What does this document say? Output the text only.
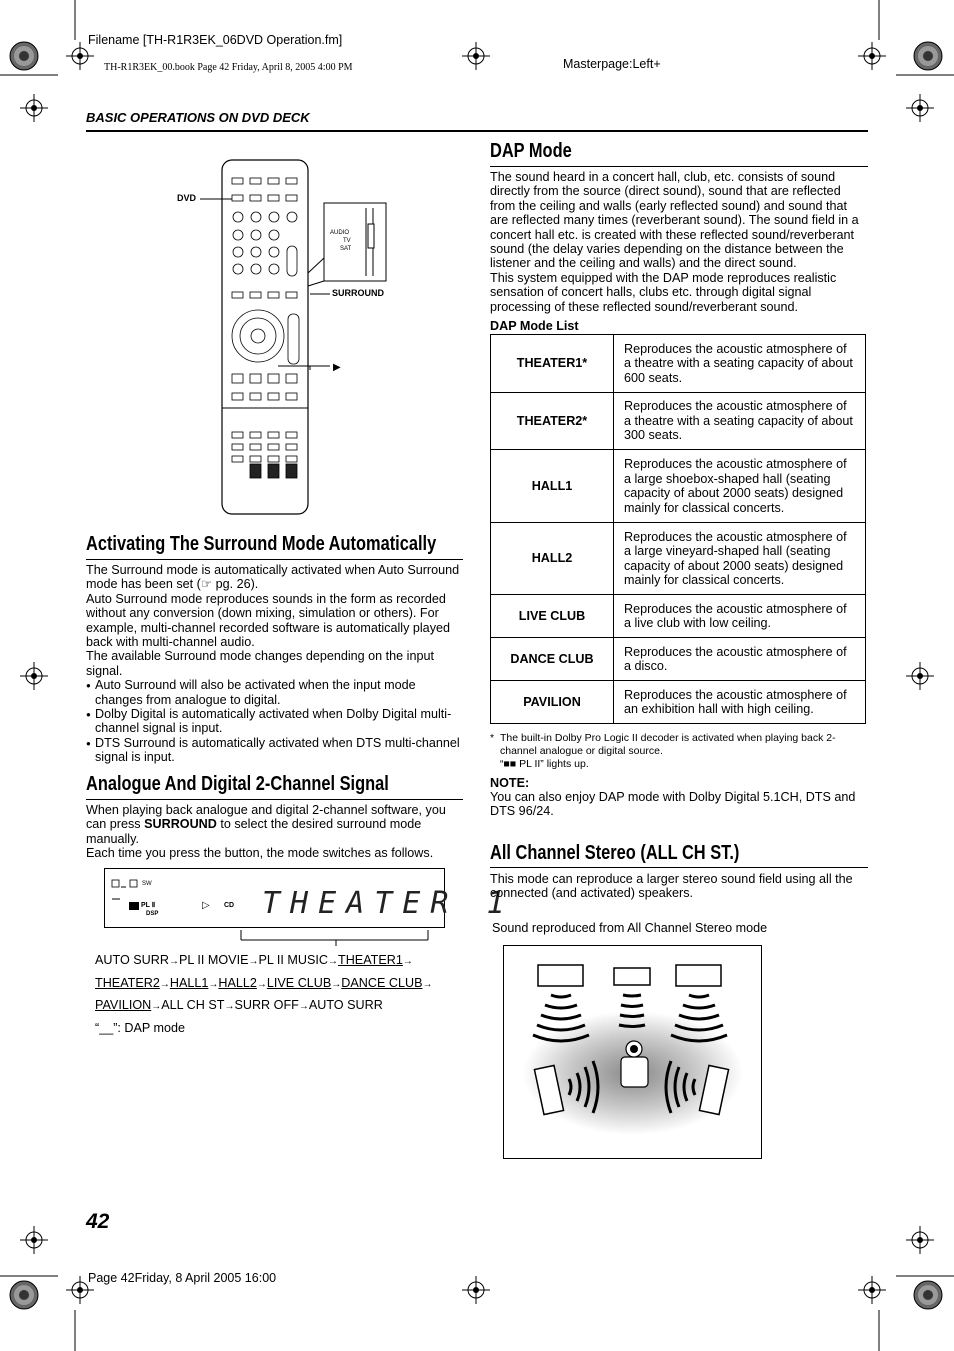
Filename [TH-R1R3EK_06DVD Operation.fm]
TH-R1R3EK_00.book Page 42 Friday, April 8, 2005 4:00 PM	Masterpage:Left+
BASIC OPERATIONS ON DVD DECK
DVD
SURROUND
▶
AUDIO
TV
SAT
Activating The Surround Mode Automatically
The Surround mode is automatically activated when Auto Surround mode has been set (☞ pg. 26).
Auto Surround mode reproduces sounds in the form as recorded without any conversion (down mixing, simulation or others). For example, multi-channel recorded software is automatically played back with multi-channel audio.
The available Surround mode changes depending on the input signal.
● Auto Surround will also be activated when the input mode changes from analogue to digital.
● Dolby Digital is automatically activated when Dolby Digital multi-channel signal is input.
● DTS Surround is automatically activated when DTS multi-channel signal is input.
Analogue And Digital 2-Channel Signal
When playing back analogue and digital 2-channel software, you can press SURROUND to select the desired surround mode manually.
Each time you press the button, the mode switches as follows.
SW
PL Ⅱ
DSP
▷ CD THEATER 1
AUTO SURR→PL II MOVIE→PL II MUSIC→THEATER1→
THEATER2→HALL1→HALL2→LIVE CLUB→DANCE CLUB→
PAVILION→ALL CH ST→SURR OFF→AUTO SURR
“__”: DAP mode
DAP Mode
The sound heard in a concert hall, club, etc. consists of sound directly from the source (direct sound), sound that are reflected from the ceiling and walls (early reflected sound) and sound that are reflected many times (reverberant sound). The sound field in a concert hall etc. is created with these reflected sound/reverberant sound (the delay varies depending on the distance between the listener and the ceiling and walls) and the direct sound.
This system equipped with the DAP mode reproduces realistic sensation of concert halls, clubs etc. through digital signal processing of these reflected sound/reverberant sound.
DAP Mode List
THEATER1*	Reproduces the acoustic atmosphere of a theatre with a seating capacity of about 600 seats.
THEATER2*	Reproduces the acoustic atmosphere of a theatre with a seating capacity of about 300 seats.
HALL1	Reproduces the acoustic atmosphere of a large shoebox-shaped hall (seating capacity of about 2000 seats) designed mainly for classical concerts.
HALL2	Reproduces the acoustic atmosphere of a large vineyard-shaped hall (seating capacity of about 2000 seats) designed mainly for classical concerts.
LIVE CLUB	Reproduces the acoustic atmosphere of a live club with low ceiling.
DANCE CLUB	Reproduces the acoustic atmosphere of a disco.
PAVILION	Reproduces the acoustic atmosphere of an exhibition hall with high ceiling.
* The built-in Dolby Pro Logic II decoder is activated when playing back 2-channel analogue or digital source.
“■■ PL II” lights up.
NOTE:
You can also enjoy DAP mode with Dolby Digital 5.1CH, DTS and DTS 96/24.
All Channel Stereo (ALL CH ST.)
This mode can reproduce a larger stereo sound field using all the connected (and activated) speakers.
Sound reproduced from All Channel Stereo mode
42
Page 42Friday, 8 April 2005 16:00
